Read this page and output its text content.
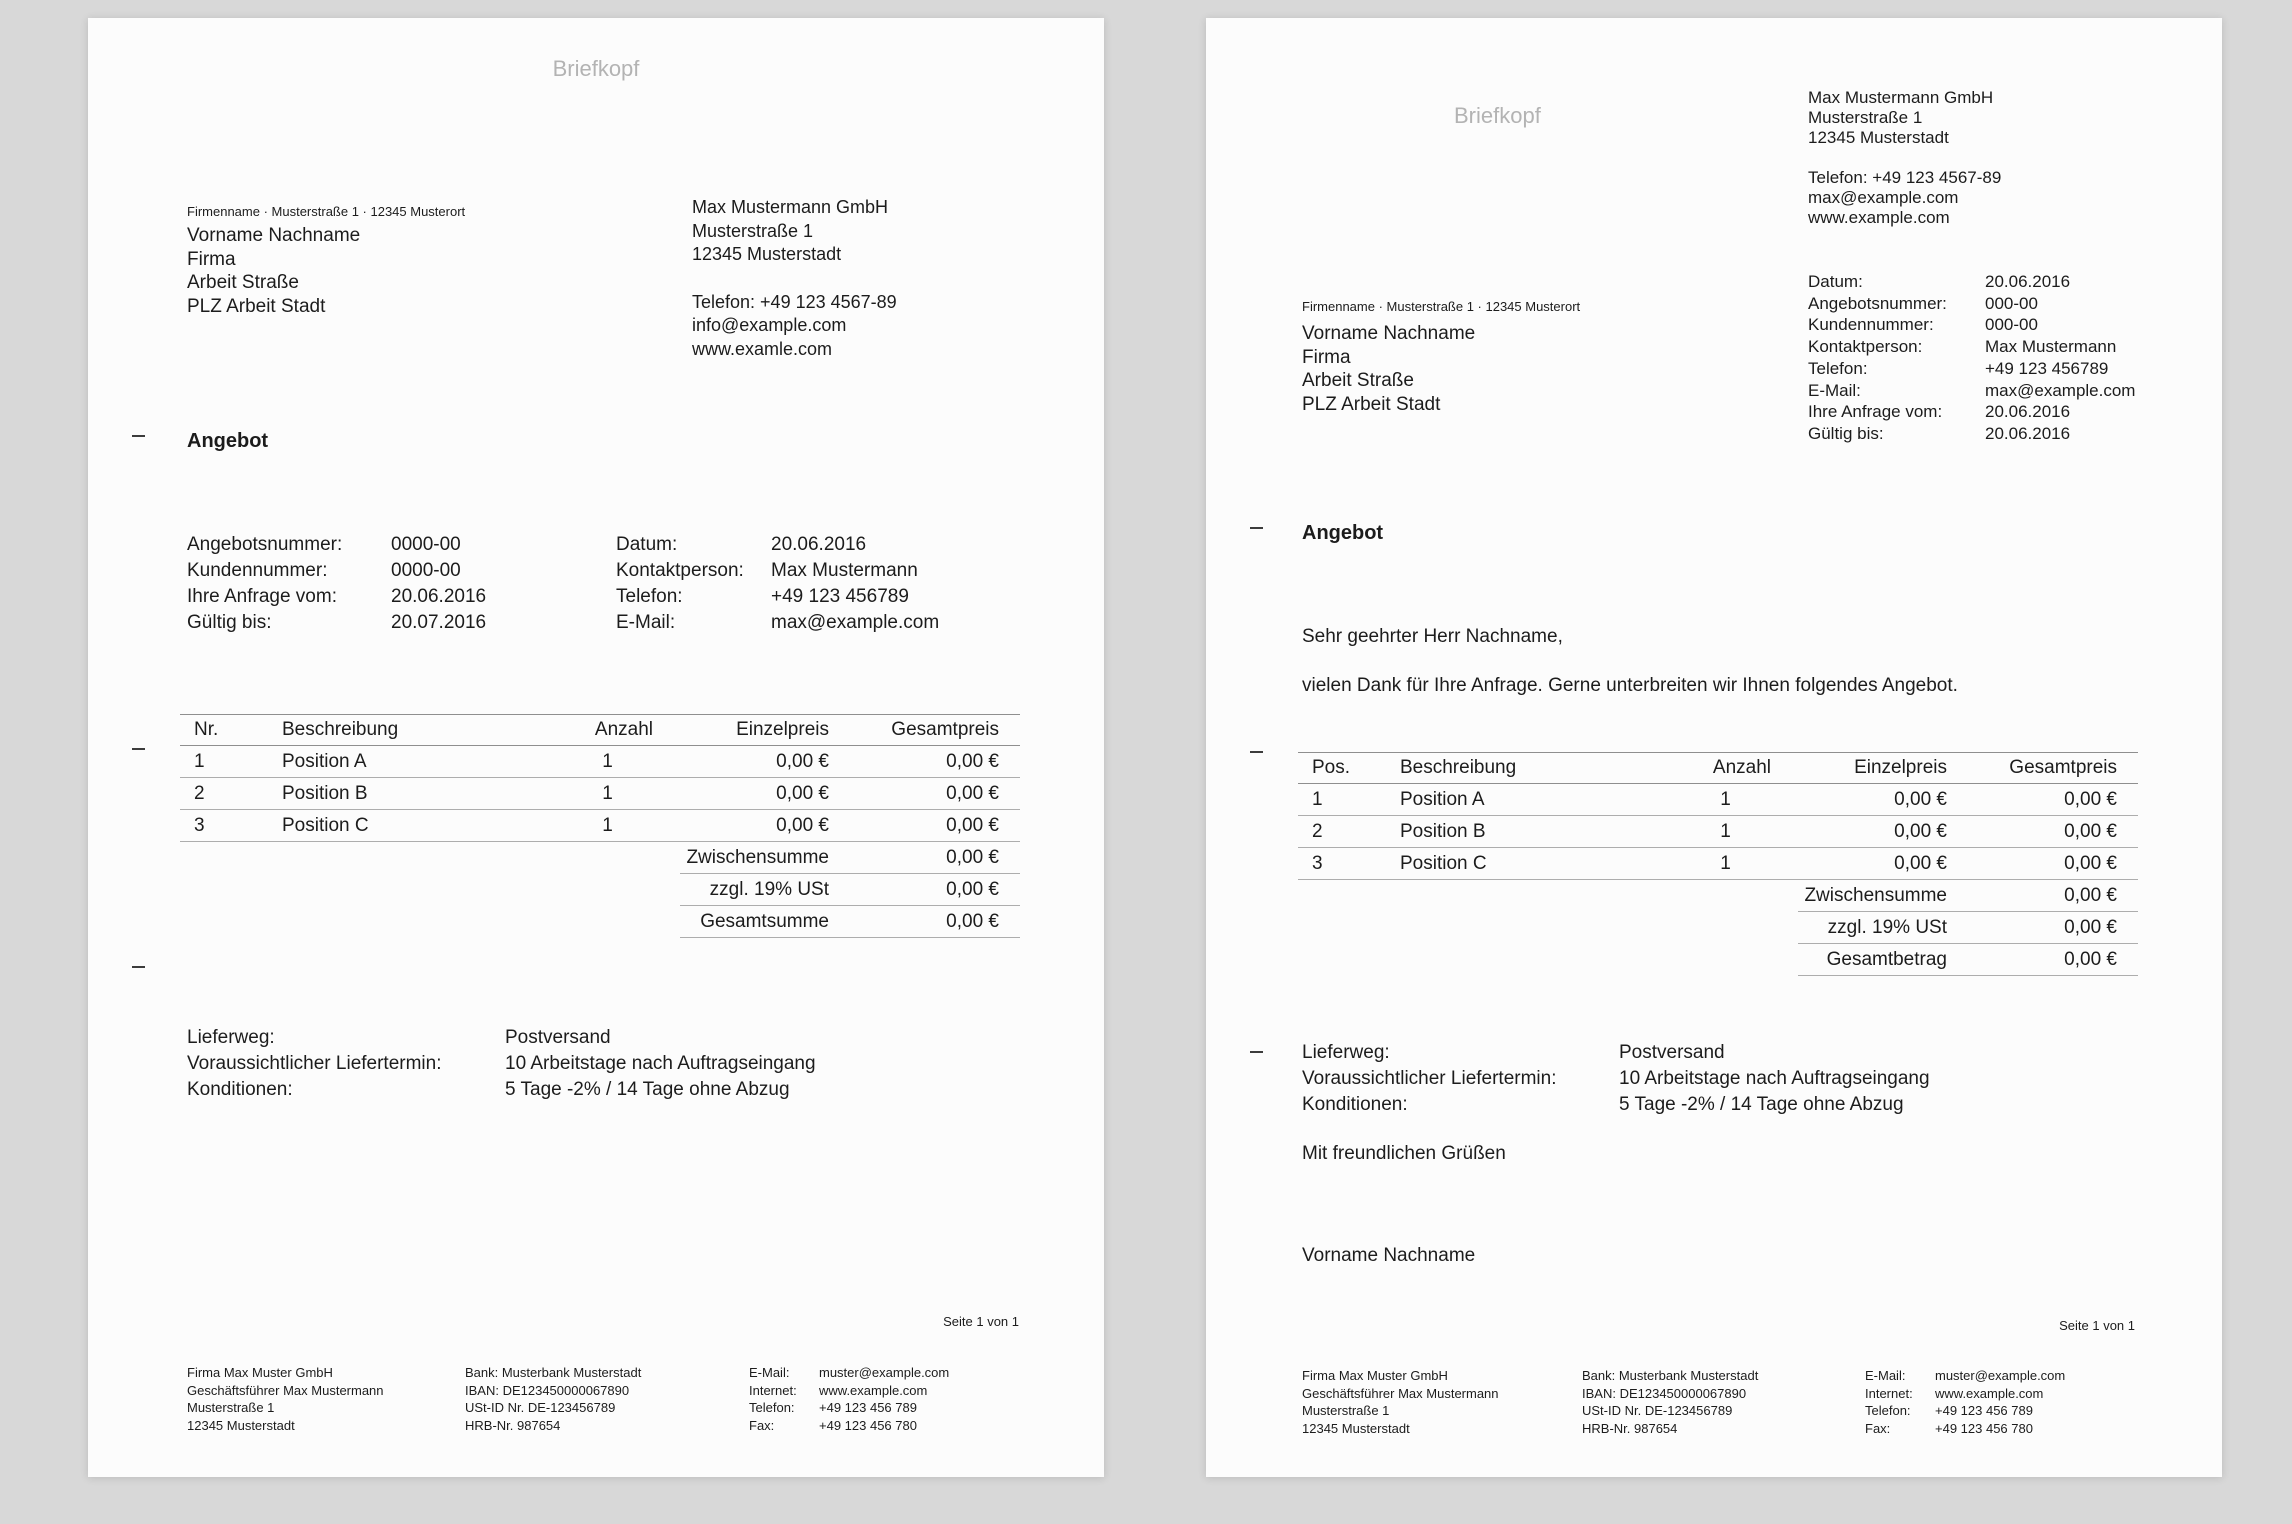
Briefkopf
Firmenname · Musterstraße 1 · 12345 Musterort
Vorname Nachname
Firma
Arbeit Straße
PLZ Arbeit Stadt
Max Mustermann GmbH
Musterstraße 1
12345 Musterstadt
Telefon: +49 123 4567-89
info@example.com
www.examle.com
Angebot
Angebotsnummer:	0000-00
Kundennummer:	0000-00
Ihre Anfrage vom:	20.06.2016
Gültig bis:	20.07.2016
Datum:	20.06.2016
Kontaktperson:	Max Mustermann
Telefon:	+49 123 456789
E-Mail:	max@example.com
Nr.	Beschreibung	Anzahl	Einzelpreis	Gesamtpreis
1	Position A	1	0,00 €	0,00 €
2	Position B	1	0,00 €	0,00 €
3	Position C	1	0,00 €	0,00 €
			Zwischensumme	0,00 €
			zzgl. 19% USt	0,00 €
			Gesamtsumme	0,00 €
Lieferweg:	Postversand
Voraussichtlicher Liefertermin:	10 Arbeitstage nach Auftragseingang
Konditionen:	5 Tage -2% / 14 Tage ohne Abzug
Seite 1 von 1
Firma Max Muster GmbH
Geschäftsführer Max Mustermann
Musterstraße 1
12345 Musterstadt
Bank: Musterbank Musterstadt
IBAN: DE123450000067890
USt-ID Nr. DE-123456789
HRB-Nr. 987654
E-Mail:	muster@example.com
Internet:	www.example.com
Telefon:	+49 123 456 789
Fax:	+49 123 456 780
Briefkopf
Max Mustermann GmbH
Musterstraße 1
12345 Musterstadt
Telefon: +49 123 4567-89
max@example.com
www.example.com
Datum:	20.06.2016
Angebotsnummer:	000-00
Kundennummer:	000-00
Kontaktperson:	Max Mustermann
Telefon:	+49 123 456789
E-Mail:	max@example.com
Ihre Anfrage vom:	20.06.2016
Gültig bis:	20.06.2016
Firmenname · Musterstraße 1 · 12345 Musterort
Vorname Nachname
Firma
Arbeit Straße
PLZ Arbeit Stadt
Angebot
Sehr geehrter Herr Nachname,
vielen Dank für Ihre Anfrage. Gerne unterbreiten wir Ihnen folgendes Angebot.
Pos.	Beschreibung	Anzahl	Einzelpreis	Gesamtpreis
1	Position A	1	0,00 €	0,00 €
2	Position B	1	0,00 €	0,00 €
3	Position C	1	0,00 €	0,00 €
			Zwischensumme	0,00 €
			zzgl. 19% USt	0,00 €
			Gesamtbetrag	0,00 €
Lieferweg:	Postversand
Voraussichtlicher Liefertermin:	10 Arbeitstage nach Auftragseingang
Konditionen:	5 Tage -2% / 14 Tage ohne Abzug
Mit freundlichen Grüßen
Vorname Nachname
Seite 1 von 1
Firma Max Muster GmbH
Geschäftsführer Max Mustermann
Musterstraße 1
12345 Musterstadt
Bank: Musterbank Musterstadt
IBAN: DE123450000067890
USt-ID Nr. DE-123456789
HRB-Nr. 987654
E-Mail:	muster@example.com
Internet:	www.example.com
Telefon:	+49 123 456 789
Fax:	+49 123 456 780
